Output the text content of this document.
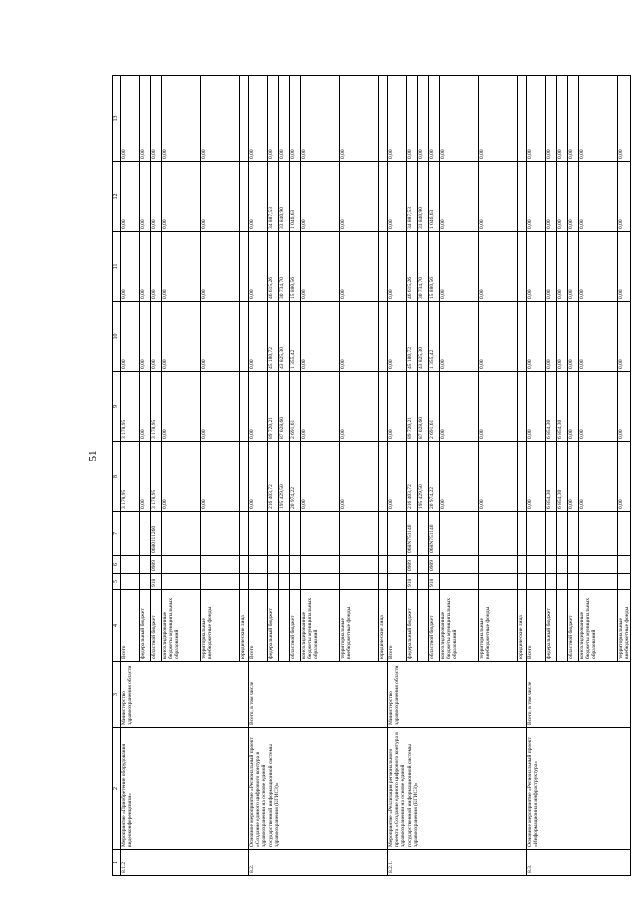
51
1	2	3	4	5	6	7	8	9	10	11	12	13
8.1.2	Мероприятие «Приобретение оборудования видеоконференцсвязи»	Министерство здравоохранения области	Всего				3 178,95	3 178,95	0,00	0,00	0,00	0,00
			федеральный бюджет				0,00	0,00	0,00	0,00	0,00	0,00
			областной бюджет	918	0909	0680111260	3 178,95	3 178,95	0,00	0,00	0,00	0,00
			консолидированные бюджеты муниципальных образований				0,00	0,00	0,00	0,00	0,00	0,00
			территориальные внебюджетные фонды				0,00	0,00	0,00	0,00	0,00	0,00
			юридические лица									
8.2.	Основное мероприятие «Региональный проект «Создание единого цифрового контура в здравоохранении на основе единой государственной информационной системы здравоохранения (ЕГИСЗ)»	Всего, в том числе	Всего				0,00	0,00	0,00	0,00	0,00	0,00
			федеральный бюджет				216 403,72	89 720,21	45 180,72	46 615,26	34 887,53	0,00
							195 429,50	87 028,60	43 825,30	30 734,70	33 840,90	0,00
			областной бюджет				20 974,22	2 691,61	1 355,42	15 880,56	1 046,63	0,00
			консолидированные бюджеты муниципальных образований				0,00	0,00	0,00	0,00	0,00	0,00
			территориальные внебюджетные фонды				0,00	0,00	0,00	0,00	0,00	0,00
			юридические лица									
8.2.1.	Мероприятие «Реализация регионального проекта «Создание единого цифрового контура в здравоохранении на основе единой государственной информационной системы здравоохранения (ЕГИСЗ)»	Министерство здравоохранения области	Всего				0,00	0,00	0,00	0,00	0,00	0,00
			федеральный бюджет	918	0909	068N751140	216 403,72	89 720,21	45 180,72	46 615,26	34 887,53	0,00
							195 429,50	87 028,60	43 825,30	30 734,70	33 840,90	0,00
			областной бюджет	918	0909	068N751140	20 974,22	2 691,61	1 355,42	15 880,56	1 046,63	0,00
			консолидированные бюджеты муниципальных образований				0,00	0,00	0,00	0,00	0,00	0,00
			территориальные внебюджетные фонды				0,00	0,00	0,00	0,00	0,00	0,00
			юридические лица									
8.3.	Основное мероприятие «Региональный проект «Информационная инфраструктура»	Всего, в том числе	Всего				0,00	0,00	0,00	0,00	0,00	0,00
			федеральный бюджет				6 854,30	6 854,30	0,00	0,00	0,00	0,00
							6 854,30	6 854,30	0,00	0,00	0,00	0,00
			областной бюджет				0,00	0,00	0,00	0,00	0,00	0,00
			консолидированные бюджеты муниципальных образований				0,00	0,00	0,00	0,00	0,00	0,00
			территориальные внебюджетные фонды				0,00	0,00	0,00	0,00	0,00	0,00
